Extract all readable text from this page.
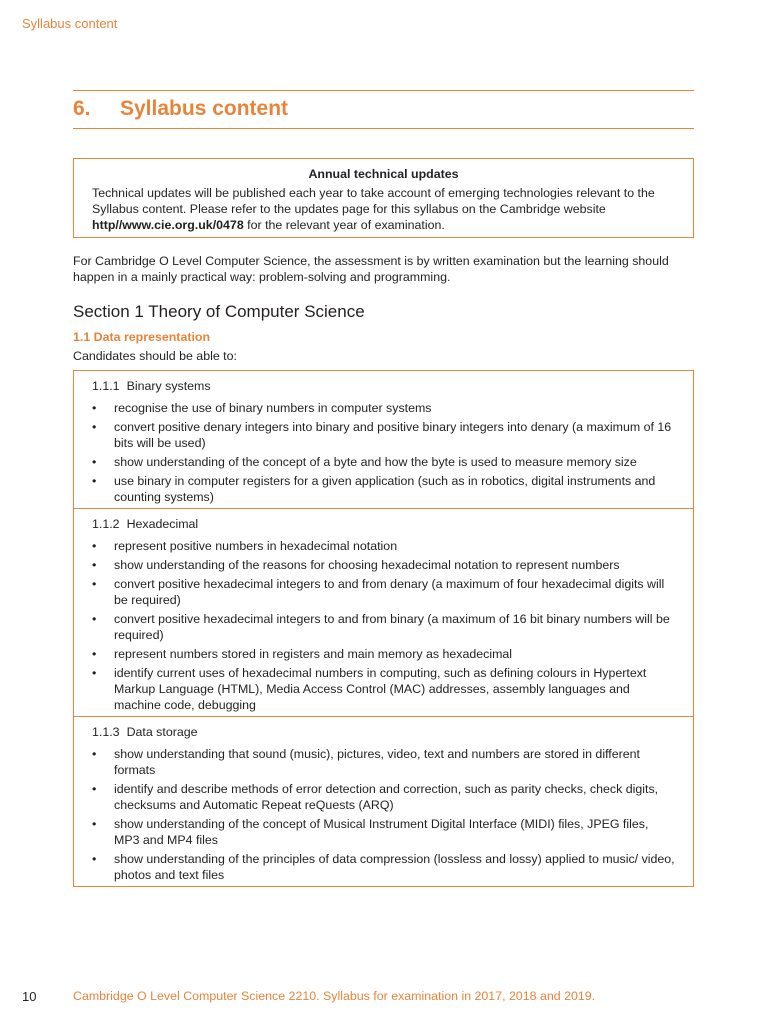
Syllabus content
6. Syllabus content
Annual technical updates
Technical updates will be published each year to take account of emerging technologies relevant to the Syllabus content. Please refer to the updates page for this syllabus on the Cambridge website http//www.cie.org.uk/0478 for the relevant year of examination.
For Cambridge O Level Computer Science, the assessment is by written examination but the learning should happen in a mainly practical way: problem-solving and programming.
Section 1 Theory of Computer Science
1.1 Data representation
Candidates should be able to:
1.1.1 Binary systems
• recognise the use of binary numbers in computer systems
• convert positive denary integers into binary and positive binary integers into denary (a maximum of 16 bits will be used)
• show understanding of the concept of a byte and how the byte is used to measure memory size
• use binary in computer registers for a given application (such as in robotics, digital instruments and counting systems)
1.1.2 Hexadecimal
• represent positive numbers in hexadecimal notation
• show understanding of the reasons for choosing hexadecimal notation to represent numbers
• convert positive hexadecimal integers to and from denary (a maximum of four hexadecimal digits will be required)
• convert positive hexadecimal integers to and from binary (a maximum of 16 bit binary numbers will be required)
• represent numbers stored in registers and main memory as hexadecimal
• identify current uses of hexadecimal numbers in computing, such as defining colours in Hypertext Markup Language (HTML), Media Access Control (MAC) addresses, assembly languages and machine code, debugging
1.1.3 Data storage
• show understanding that sound (music), pictures, video, text and numbers are stored in different formats
• identify and describe methods of error detection and correction, such as parity checks, check digits, checksums and Automatic Repeat reQuests (ARQ)
• show understanding of the concept of Musical Instrument Digital Interface (MIDI) files, JPEG files, MP3 and MP4 files
• show understanding of the principles of data compression (lossless and lossy) applied to music/ video, photos and text files
10	Cambridge O Level Computer Science 2210. Syllabus for examination in 2017, 2018 and 2019.
